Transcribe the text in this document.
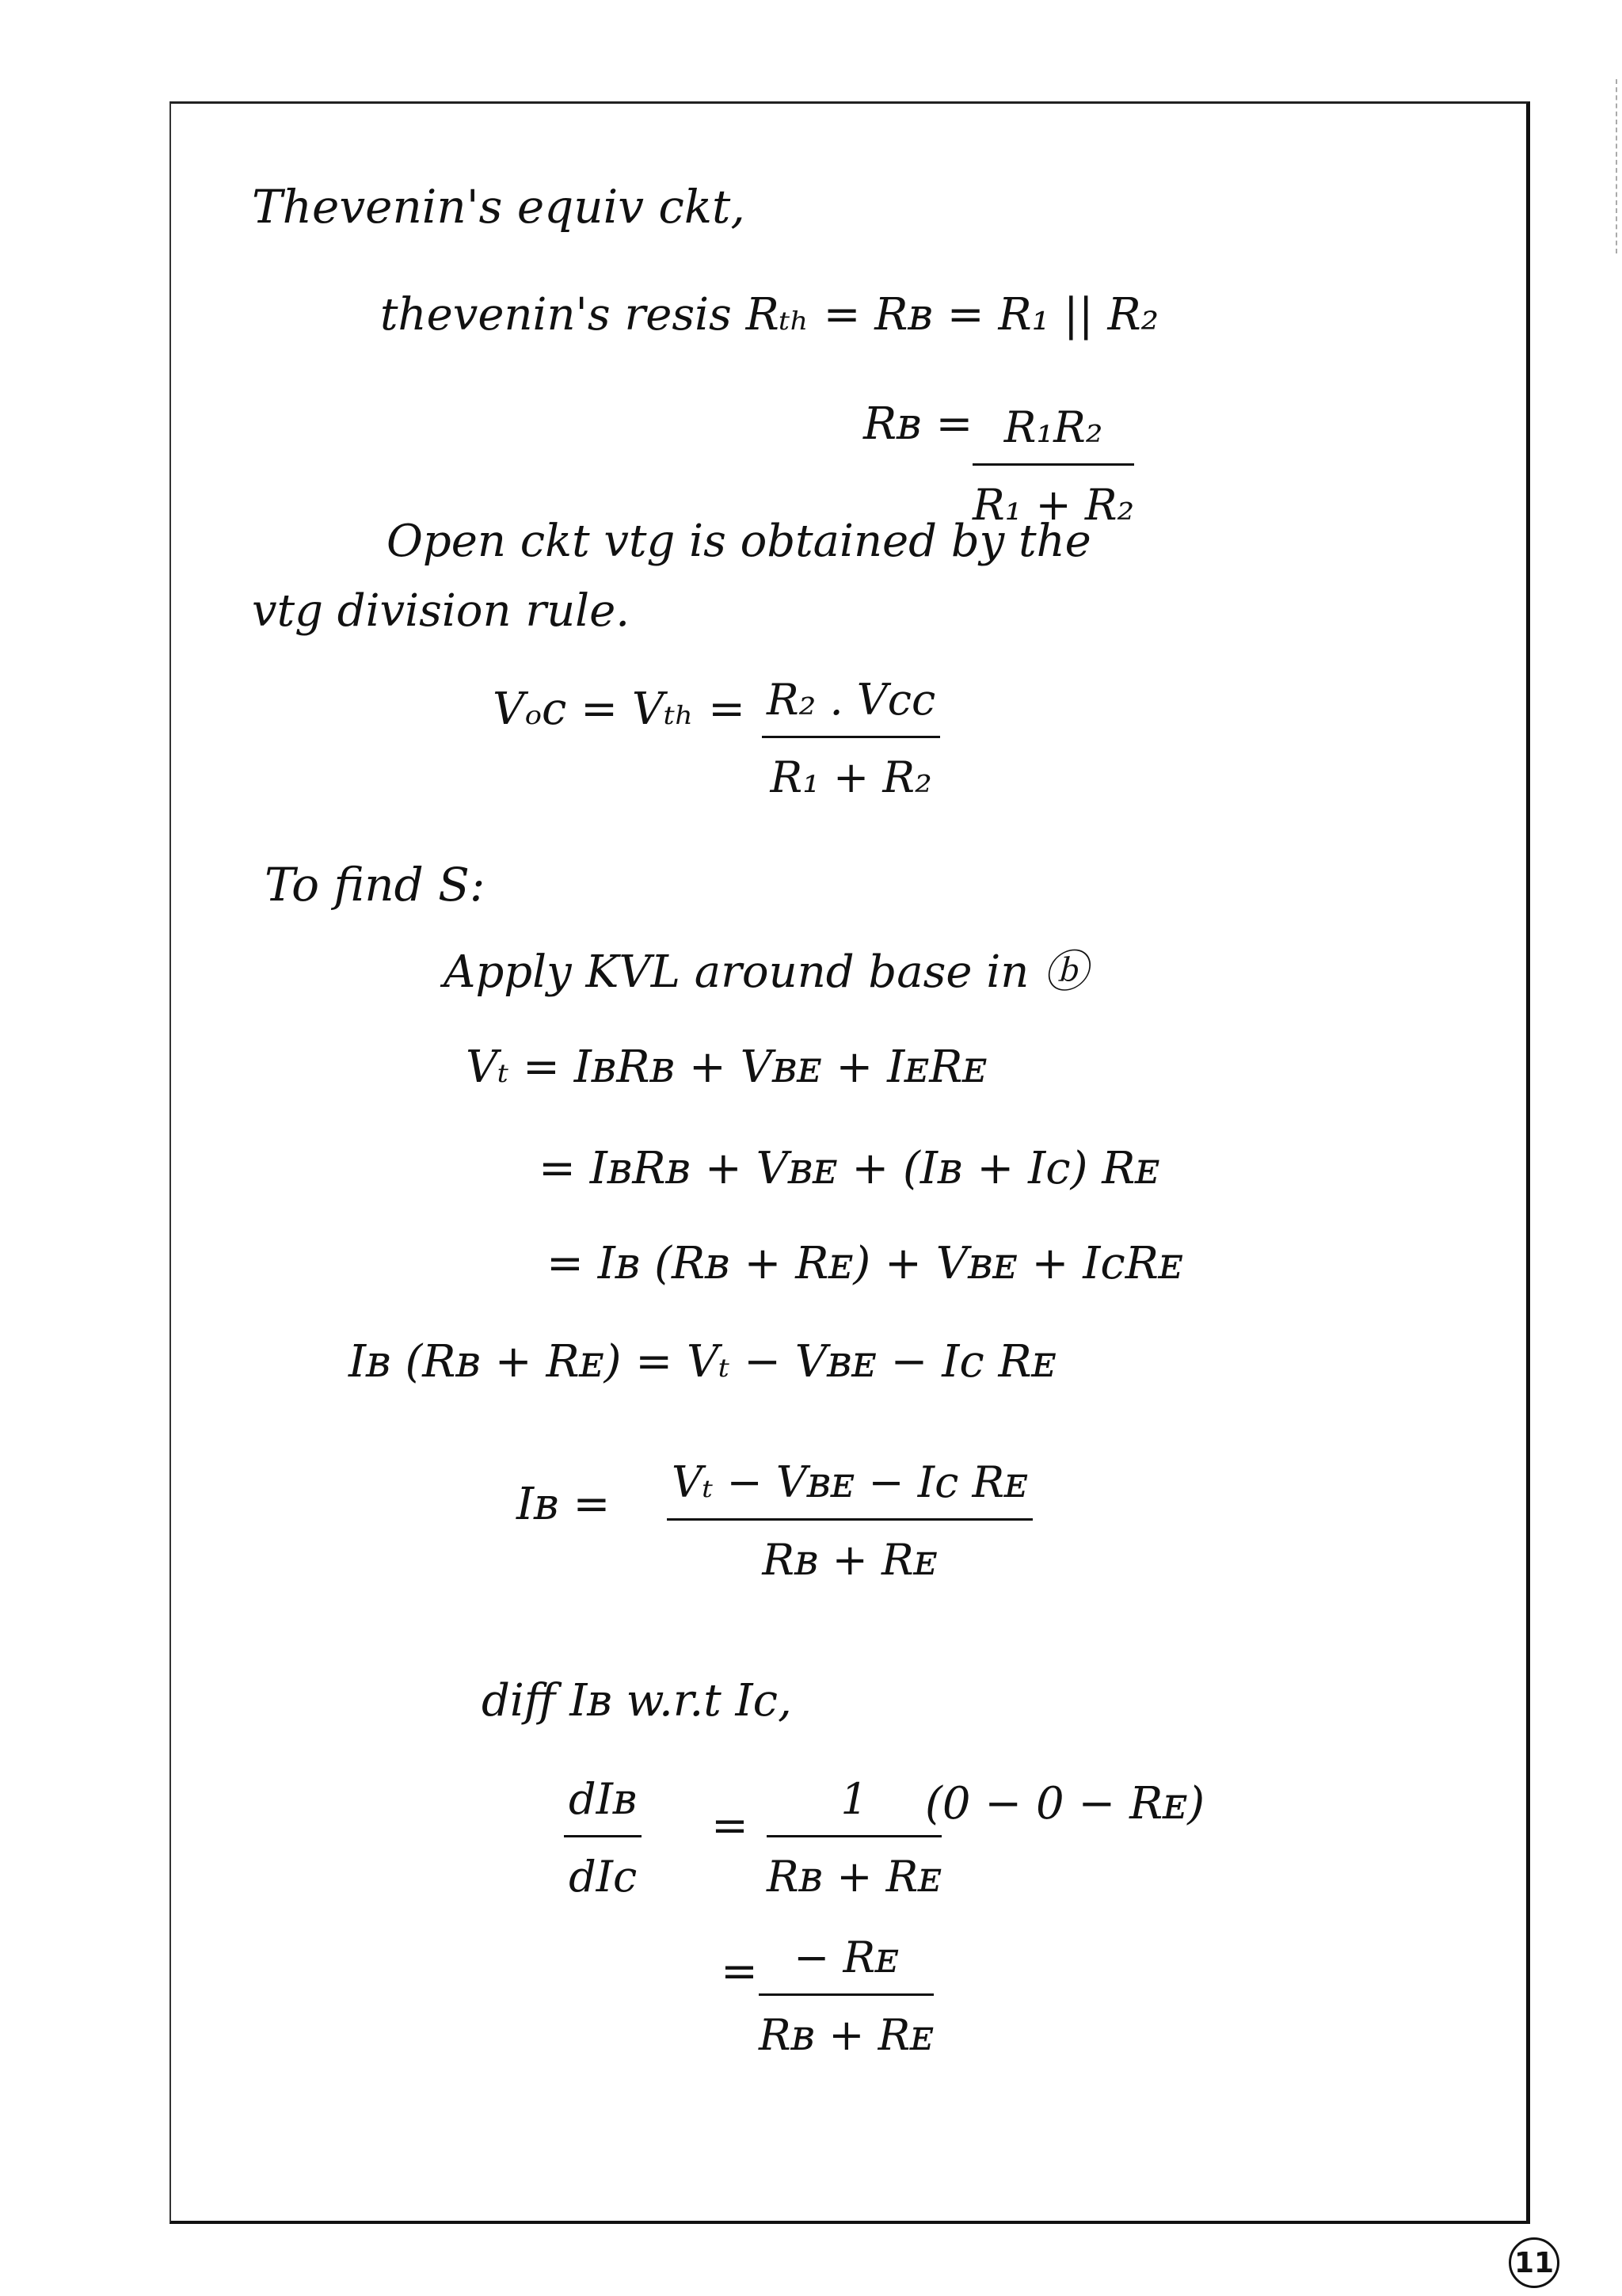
Thevenin's equiv ckt,
thevenin's resis Rₜₕ = Rʙ = R₁ || R₂
Rʙ = R₁R₂
R₁ + R₂
Open ckt vtg is obtained by the
vtg division rule.
Vₒc = Vₜₕ = R₂ . Vcc
R₁ + R₂
To find S:
Apply KVL around base in ⓑ
Vₜ = IʙRʙ + Vʙᴇ + IᴇRᴇ
= IʙRʙ + Vʙᴇ + (Iʙ + Ic) Rᴇ
= Iʙ (Rʙ + Rᴇ) + Vʙᴇ + IcRᴇ
Iʙ (Rʙ + Rᴇ) = Vₜ − Vʙᴇ − Ic Rᴇ
Iʙ = Vₜ − Vʙᴇ − Ic Rᴇ
Rʙ + Rᴇ
diff Iʙ w.r.t Ic,
dIʙ
dIc
=
1
Rʙ + Rᴇ
(0 − 0 − Rᴇ)
= − Rᴇ
Rʙ + Rᴇ
11
